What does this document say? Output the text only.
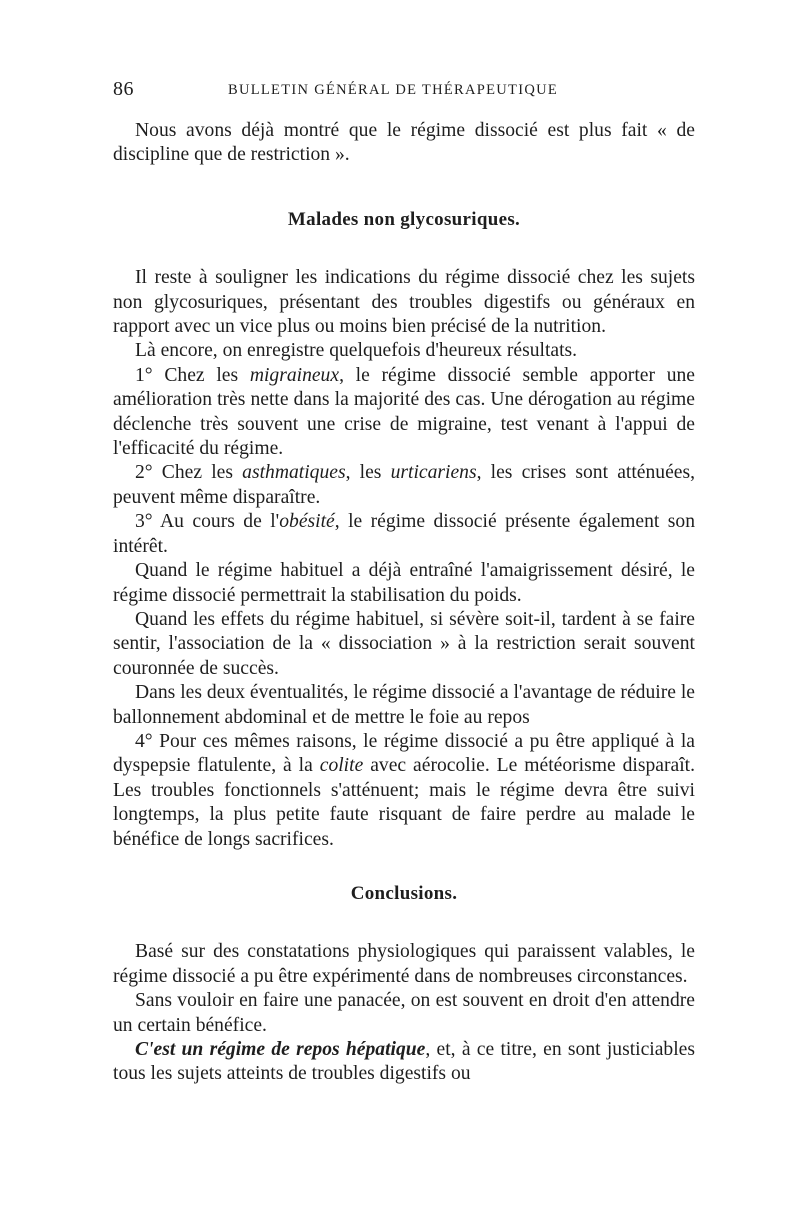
86	BULLETIN GÉNÉRAL DE THÉRAPEUTIQUE

Nous avons déjà montré que le régime dissocié est plus fait « de discipline que de restriction ».

Malades non glycosuriques.

Il reste à souligner les indications du régime dissocié chez les sujets non glycosuriques, présentant des troubles digestifs ou généraux en rapport avec un vice plus ou moins bien précisé de la nutrition.

Là encore, on enregistre quelquefois d'heureux résultats.

1° Chez les migraineux, le régime dissocié semble apporter une amélioration très nette dans la majorité des cas. Une dérogation au régime déclenche très souvent une crise de migraine, test venant à l'appui de l'efficacité du régime.

2° Chez les asthmatiques, les urticariens, les crises sont atténuées, peuvent même disparaître.

3° Au cours de l'obésité, le régime dissocié présente également son intérêt.

Quand le régime habituel a déjà entraîné l'amaigrissement désiré, le régime dissocié permettrait la stabilisation du poids.

Quand les effets du régime habituel, si sévère soit-il, tardent à se faire sentir, l'association de la « dissociation » à la restriction serait souvent couronnée de succès.

Dans les deux éventualités, le régime dissocié a l'avantage de réduire le ballonnement abdominal et de mettre le foie au repos

4° Pour ces mêmes raisons, le régime dissocié a pu être appliqué à la dyspepsie flatulente, à la colite avec aérocolie. Le météorisme disparaît. Les troubles fonctionnels s'atténuent; mais le régime devra être suivi longtemps, la plus petite faute risquant de faire perdre au malade le bénéfice de longs sacrifices.

Conclusions.

Basé sur des constatations physiologiques qui paraissent valables, le régime dissocié a pu être expérimenté dans de nombreuses circonstances.

Sans vouloir en faire une panacée, on est souvent en droit d'en attendre un certain bénéfice.

C'est un régime de repos hépatique, et, à ce titre, en sont justiciables tous les sujets atteints de troubles digestifs ou
